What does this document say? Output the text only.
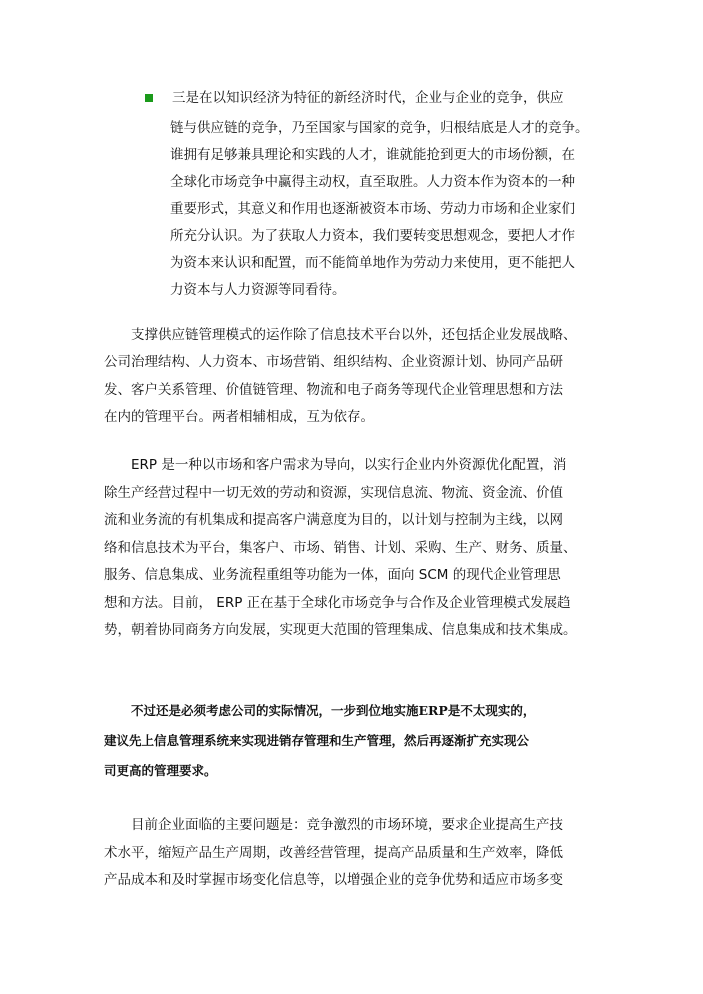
三是在以知识经济为特征的新经济时代，企业与企业的竞争，供应
链与供应链的竞争，乃至国家与国家的竞争，归根结底是人才的竞争。
谁拥有足够兼具理论和实践的人才，谁就能抢到更大的市场份额，在
全球化市场竞争中赢得主动权，直至取胜。人力资本作为资本的一种
重要形式，其意义和作用也逐渐被资本市场、劳动力市场和企业家们
所充分认识。为了获取人力资本，我们要转变思想观念，要把人才作
为资本来认识和配置，而不能简单地作为劳动力来使用，更不能把人
力资本与人力资源等同看待。
支撑供应链管理模式的运作除了信息技术平台以外，还包括企业发展战略、
公司治理结构、人力资本、市场营销、组织结构、企业资源计划、协同产品研
发、客户关系管理、价值链管理、物流和电子商务等现代企业管理思想和方法
在内的管理平台。两者相辅相成，互为依存。
ERP 是一种以市场和客户需求为导向，以实行企业内外资源优化配置，消
除生产经营过程中一切无效的劳动和资源，实现信息流、物流、资金流、价值
流和业务流的有机集成和提高客户满意度为目的，以计划与控制为主线，以网
络和信息技术为平台，集客户、市场、销售、计划、采购、生产、财务、质量、
服务、信息集成、业务流程重组等功能为一体，面向 SCM 的现代企业管理思
想和方法。目前， ERP 正在基于全球化市场竞争与合作及企业管理模式发展趋
势，朝着协同商务方向发展，实现更大范围的管理集成、信息集成和技术集成。
不过还是必须考虑公司的实际情况，一步到位地实施ERP是不太现实的，
建议先上信息管理系统来实现进销存管理和生产管理，然后再逐渐扩充实现公
司更高的管理要求。
目前企业面临的主要问题是：竞争激烈的市场环境，要求企业提高生产技
术水平，缩短产品生产周期，改善经营管理，提高产品质量和生产效率，降低
产品成本和及时掌握市场变化信息等，以增强企业的竞争优势和适应市场多变
